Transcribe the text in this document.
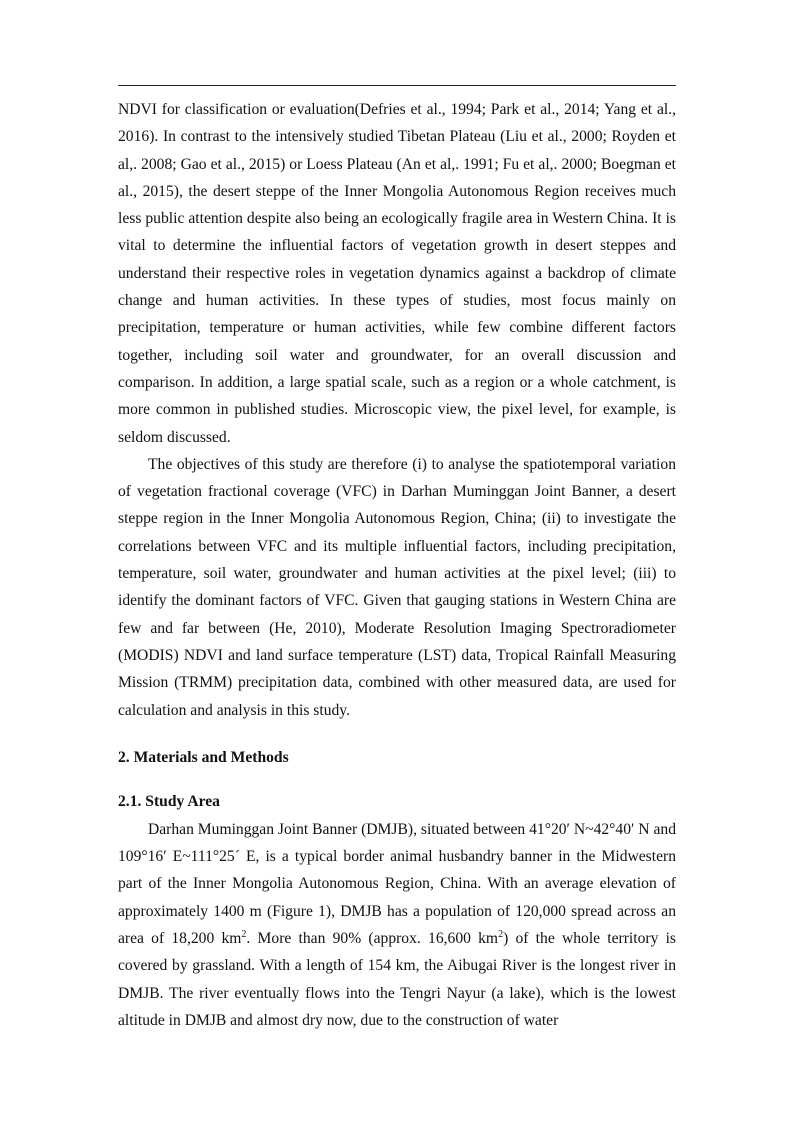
NDVI for classification or evaluation(Defries et al., 1994; Park et al., 2014; Yang et al., 2016). In contrast to the intensively studied Tibetan Plateau (Liu et al., 2000; Royden et al,. 2008; Gao et al., 2015) or Loess Plateau (An et al,. 1991; Fu et al,. 2000; Boegman et al., 2015), the desert steppe of the Inner Mongolia Autonomous Region receives much less public attention despite also being an ecologically fragile area in Western China. It is vital to determine the influential factors of vegetation growth in desert steppes and understand their respective roles in vegetation dynamics against a backdrop of climate change and human activities. In these types of studies, most focus mainly on precipitation, temperature or human activities, while few combine different factors together, including soil water and groundwater, for an overall discussion and comparison. In addition, a large spatial scale, such as a region or a whole catchment, is more common in published studies. Microscopic view, the pixel level, for example, is seldom discussed.

The objectives of this study are therefore (i) to analyse the spatiotemporal variation of vegetation fractional coverage (VFC) in Darhan Muminggan Joint Banner, a desert steppe region in the Inner Mongolia Autonomous Region, China; (ii) to investigate the correlations between VFC and its multiple influential factors, including precipitation, temperature, soil water, groundwater and human activities at the pixel level; (iii) to identify the dominant factors of VFC. Given that gauging stations in Western China are few and far between (He, 2010), Moderate Resolution Imaging Spectroradiometer (MODIS) NDVI and land surface temperature (LST) data, Tropical Rainfall Measuring Mission (TRMM) precipitation data, combined with other measured data, are used for calculation and analysis in this study.

2. Materials and Methods
2.1. Study Area

Darhan Muminggan Joint Banner (DMJB), situated between 41°20′ N~42°40′ N and 109°16′ E~111°25´ E, is a typical border animal husbandry banner in the Midwestern part of the Inner Mongolia Autonomous Region, China. With an average elevation of approximately 1400 m (Figure 1), DMJB has a population of 120,000 spread across an area of 18,200 $km^2$. More than 90% (approx. 16,600 $km^2$) of the whole territory is covered by grassland. With a length of 154 km, the Aibugai River is the longest river in DMJB. The river eventually flows into the Tengri Nayur (a lake), which is the lowest altitude in DMJB and almost dry now, due to the construction of water
